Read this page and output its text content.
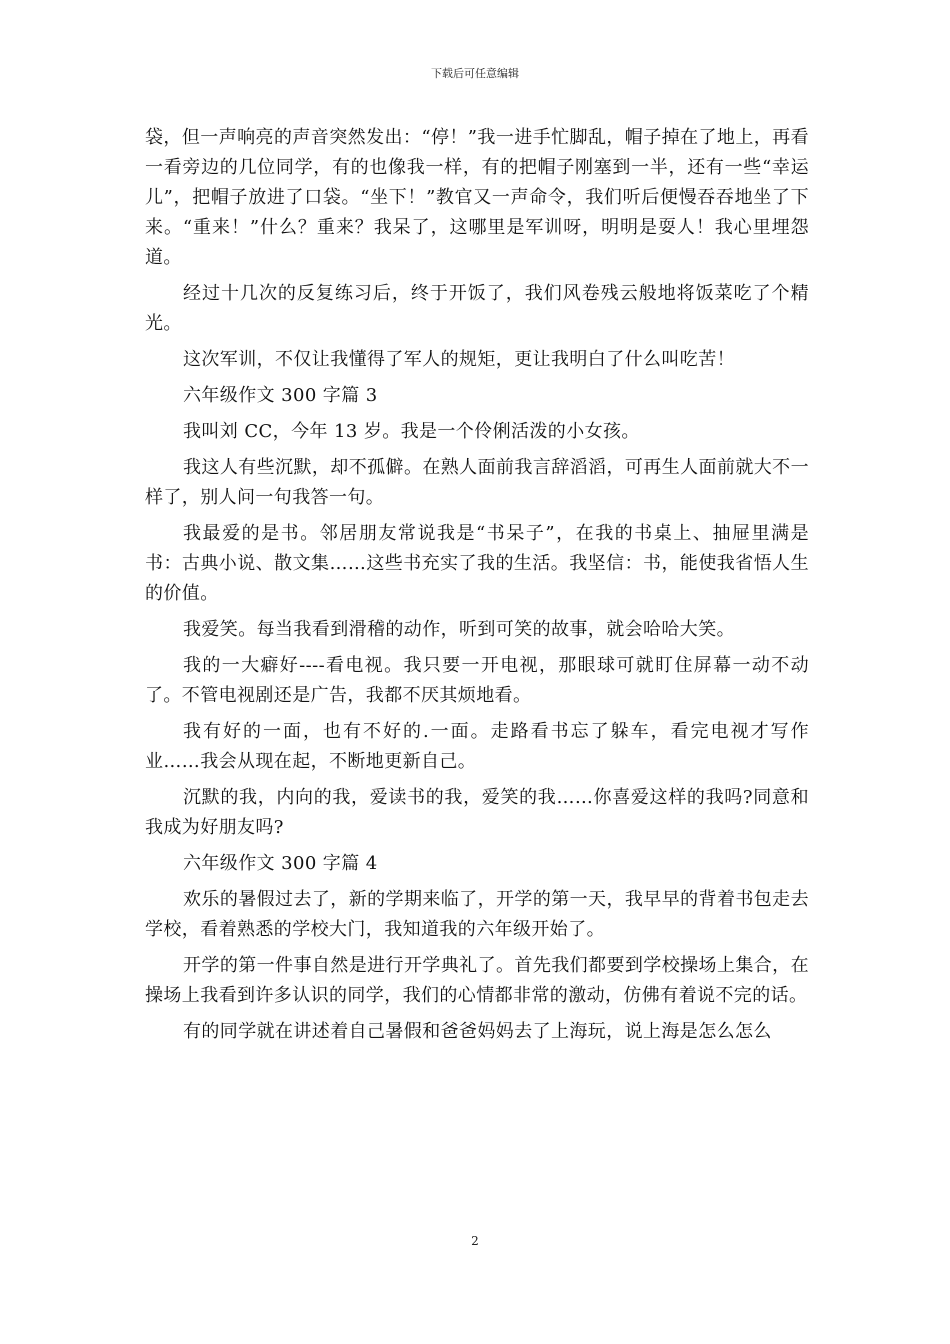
下载后可任意编辑

袋，但一声响亮的声音突然发出：“停！”我一进手忙脚乱，帽子掉在了地上，再看一看旁边的几位同学，有的也像我一样，有的把帽子刚塞到一半，还有一些“幸运儿”，把帽子放进了口袋。“坐下！”教官又一声命令，我们听后便慢吞吞地坐了下来。“重来！”什么？重来？我呆了，这哪里是军训呀，明明是耍人！我心里埋怨道。

经过十几次的反复练习后，终于开饭了，我们风卷残云般地将饭菜吃了个精光。

这次军训，不仅让我懂得了军人的规矩，更让我明白了什么叫吃苦！

六年级作文 300 字篇 3

我叫刘 CC，今年 13 岁。我是一个伶俐活泼的小女孩。

我这人有些沉默，却不孤僻。在熟人面前我言辞滔滔，可再生人面前就大不一样了，别人问一句我答一句。

我最爱的是书。邻居朋友常说我是“书呆子”，在我的书桌上、抽屉里满是书：古典小说、散文集……这些书充实了我的生活。我坚信：书，能使我省悟人生的价值。

我爱笑。每当我看到滑稽的动作，听到可笑的故事，就会哈哈大笑。

我的一大癖好----看电视。我只要一开电视，那眼球可就盯住屏幕一动不动了。不管电视剧还是广告，我都不厌其烦地看。

我有好的一面，也有不好的.一面。走路看书忘了躲车，看完电视才写作业……我会从现在起，不断地更新自己。

沉默的我，内向的我，爱读书的我，爱笑的我……你喜爱这样的我吗?同意和我成为好朋友吗?

六年级作文 300 字篇 4

欢乐的暑假过去了，新的学期来临了，开学的第一天，我早早的背着书包走去学校，看着熟悉的学校大门，我知道我的六年级开始了。

开学的第一件事自然是进行开学典礼了。首先我们都要到学校操场上集合，在操场上我看到许多认识的同学，我们的心情都非常的激动，仿佛有着说不完的话。

有的同学就在讲述着自己暑假和爸爸妈妈去了上海玩，说上海是怎么怎么

2
